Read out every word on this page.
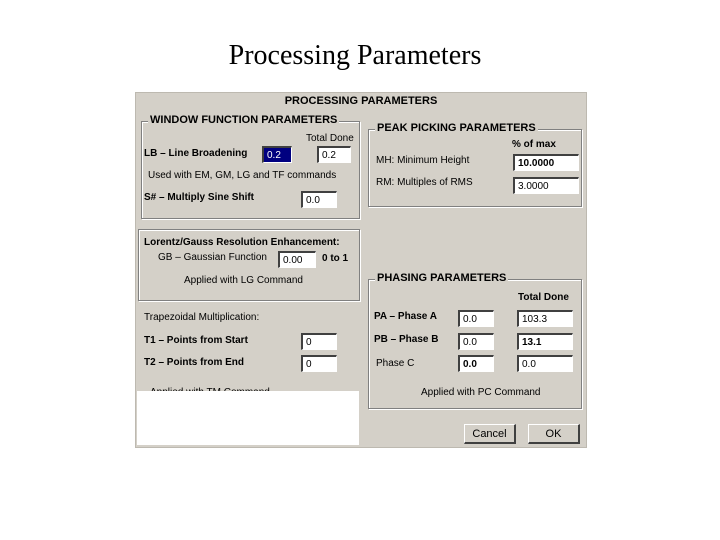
Processing Parameters
PROCESSING PARAMETERS
WINDOW FUNCTION PARAMETERS
Total Done
LB – Line Broadening
0.2
0.2
Used with EM, GM, LG and TF commands
S# – Multiply Sine Shift
0.0
Lorentz/Gauss Resolution Enhancement:
GB – Gaussian Function
0.00	0 to 1
Applied with LG Command
Trapezoidal Multiplication:
T1 – Points from Start
0
T2 – Points from End
0
PEAK PICKING PARAMETERS
% of max
MH: Minimum Height
10.0000
RM: Multiples of RMS
3.0000
PHASING PARAMETERS
Total Done
PA – Phase A
0.0
103.3
PB – Phase B
0.0
13.1
Phase C
0.0
0.0
Applied with PC Command
Cancel	OK
